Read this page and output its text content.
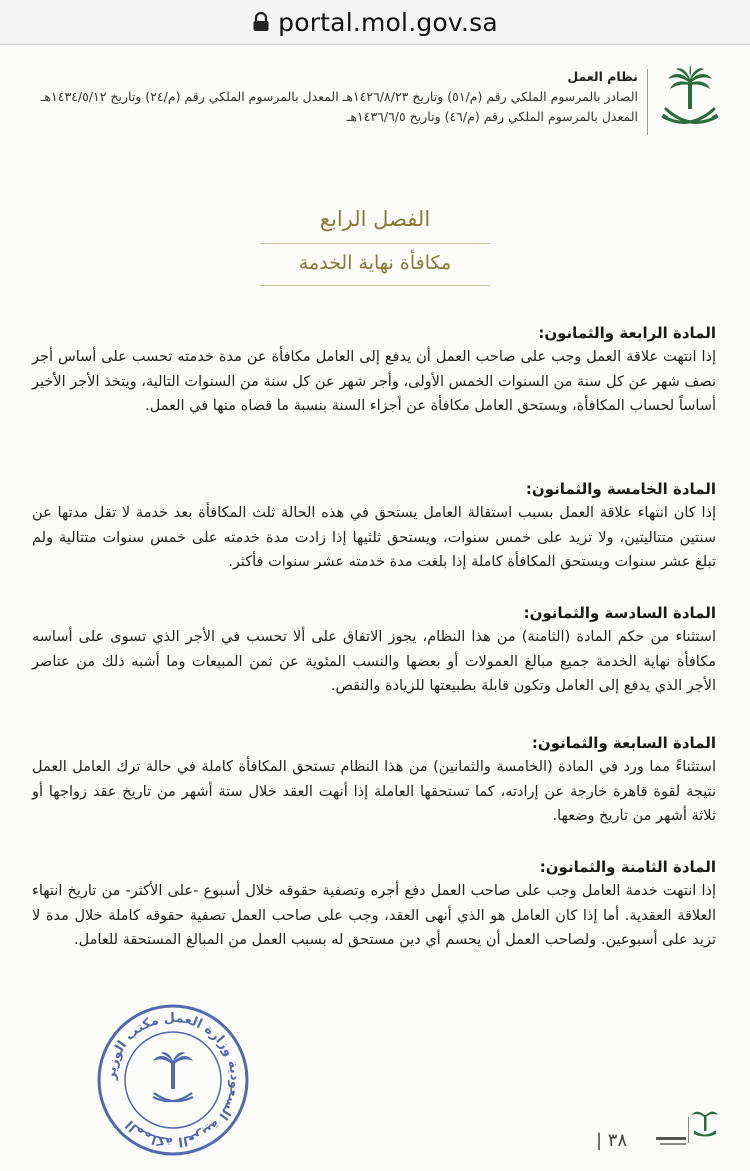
portal.mol.gov.sa
نظام العمل
الصادر بالمرسوم الملكي رقم (م/٥١) وتاريخ ١٤٢٦/٨/٢٣هـ المعدل بالمرسوم الملكي رقم (م/٢٤) وتاريخ ١٤٣٤/٥/١٢هـ
المعدل بالمرسوم الملكي رقم (م/٤٦) وتاريخ ١٤٣٦/٦/٥هـ
الفصل الرابع
مكافأة نهاية الخدمة
المادة الرابعة والثمانون:
إذا انتهت علاقة العمل وجب على صاحب العمل أن يدفع إلى العامل مكافأة عن مدة خدمته تحسب على أساس أجر نصف شهر عن كل سنة من السنوات الخمس الأولى، وأجر شهر عن كل سنة من السنوات التالية، ويتخذ الأجر الأخير أساساً لحساب المكافأة، ويستحق العامل مكافأة عن أجزاء السنة بنسبة ما قضاه منها في العمل.
المادة الخامسة والثمانون:
إذا كان انتهاء علاقة العمل بسبب استقالة العامل يستحق في هذه الحالة ثلث المكافأة بعد خدمة لا تقل مدتها عن سنتين متتاليتين، ولا تزيد على خمس سنوات، ويستحق ثلثيها إذا زادت مدة خدمته على خمس سنوات متتالية ولم تبلغ عشر سنوات ويستحق المكافأة كاملة إذا بلغت مدة خدمته عشر سنوات فأكثر.
المادة السادسة والثمانون:
استثناء من حكم المادة (الثامنة) من هذا النظام، يجوز الاتفاق على ألا تحسب في الأجر الذي تسوى على أساسه مكافأة نهاية الخدمة جميع مبالغ العمولات أو بعضها والنسب المئوية عن ثمن المبيعات وما أشبه ذلك من عناصر الأجر الذي يدفع إلى العامل وتكون قابلة بطبيعتها للزيادة والنقص.
المادة السابعة والثمانون:
استثناءً مما ورد في المادة (الخامسة والثمانين) من هذا النظام تستحق المكافأة كاملة في حالة ترك العامل العمل نتيجة لقوة قاهرة خارجة عن إرادته، كما تستحقها العاملة إذا أنهت العقد خلال ستة أشهر من تاريخ عقد زواجها أو ثلاثة أشهر من تاريخ وضعها.
المادة الثامنة والثمانون:
إذا انتهت خدمة العامل وجب على صاحب العمل دفع أجره وتصفية حقوقه خلال أسبوع -على الأكثر- من تاريخ انتهاء العلاقة العقدية. أما إذا كان العامل هو الذي أنهى العقد، وجب على صاحب العمل تصفية حقوقه كاملة خلال مدة لا تزيد على أسبوعين. ولصاحب العمل أن يحسم أي دين مستحق له بسبب العمل من المبالغ المستحقة للعامل.
المملكة العربية السعودية وزارة العمل مكتب الوزير
٣٨ |
